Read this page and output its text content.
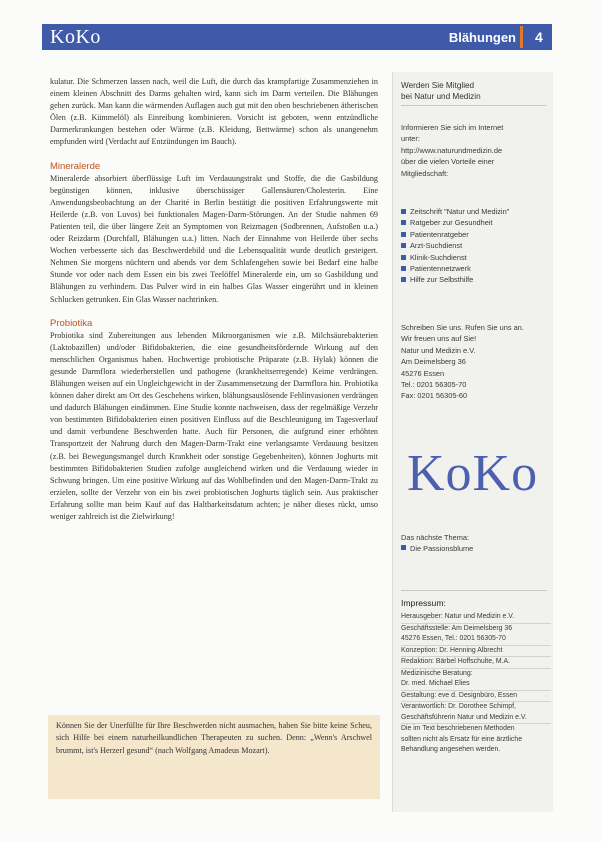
KoKo	Blähungen 4

kulatur. Die Schmerzen lassen nach, weil die Luft, die durch das krampfartige Zusammenziehen in einem kleinen Abschnitt des Darms gehalten wird, kann sich im Darm verteilen. Die Blähungen gehen zurück. Man kann die wärmenden Auflagen auch gut mit den oben beschriebenen ätherischen Ölen (z.B. Kümmelöl) als Einreibung kombinieren. Vorsicht ist geboten, wenn entzündliche Darmerkrankungen bestehen oder Wärme (z.B. Kleidung, Bettwärme) schon als unangenehm empfunden wird (Verdacht auf Entzündungen im Bauch).

Mineralerde

Mineralerde absorbiert überflüssige Luft im Verdauungstrakt und Stoffe, die die Gasbildung begünstigen können, inklusive überschüssiger Gallensäuren/Cholesterin. Eine Anwendungsbeobachtung an der Charité in Berlin bestätigt die positiven Erfahrungswerte mit Heilerde (z.B. von Luvos) bei funktionalen Magen-Darm-Störungen. An der Studie nahmen 69 Patienten teil, die über längere Zeit an Symptomen von Reizmagen (Sodbrennen, Aufstoßen u.a.) oder Reizdarm (Durchfall, Blähungen u.a.) litten. Nach der Einnahme von Heilerde über sechs Wochen verbesserte sich das Beschwerdebild und die Lebensqualität wurde deutlich gesteigert. Nehmen Sie morgens nüchtern und abends vor dem Schlafengehen sowie bei Bedarf eine halbe Stunde vor oder nach dem Essen ein bis zwei Teelöffel Mineralerde ein, um so Gasbildung und Blähungen zu verhindern. Das Pulver wird in ein halbes Glas Wasser eingerührt und in kleinen Schlucken getrunken. Ein Glas Wasser nachtrinken.

Probiotika

Probiotika sind Zubereitungen aus lebenden Mikroorganismen wie z.B. Milchsäurebakterien (Laktobazillen) und/oder Bifidobakterien, die eine gesundheitsfördernde Wirkung auf den menschlichen Organismus haben. Hochwertige probiotische Präparate (z.B. Hylak) können die gesunde Darmflora wiederherstellen und pathogene (krankheitserregende) Keime verdrängen. Blähungen weisen auf ein Ungleichgewicht in der Zusammensetzung der Darmflora hin. Probiotika können daher direkt am Ort des Geschehens wirken, blähungsauslösende Fehlinvasionen verdrängen und dadurch Blähungen eindämmen. Eine Studie konnte nachweisen, dass der regelmäßige Verzehr von bestimmten Bifidobakterien einen positiven Einfluss auf die Beschleunigung im Tagesverlauf und damit verbundene Beschwerden hatte. Auch für Personen, die aufgrund einer erhöhten Transportzeit der Nahrung durch den Magen-Darm-Trakt eine verlangsamte Verdauung besitzen (z.B. bei Bewegungsmangel durch Krankheit oder sonstige Gegebenheiten), können Joghurts mit bestimmten Bifidobakterien Studien zufolge ausgleichend wirken und die Verdauung wieder in Schwung bringen. Um eine positive Wirkung auf das Wohlbefinden und den Magen-Darm-Trakt zu erzielen, sollte der Verzehr von ein bis zwei probiotischen Joghurts täglich sein. Aus praktischer Erfahrung sollte man beim Kauf auf das Haltbarkeitsdatum achten; je näher dieses rückt, umso weniger zahlreich ist die Zielwirkung!

Können Sie der Unerfüllte für Ihre Beschwerden nicht ausmachen, haben Sie bitte keine Scheu, sich Hilfe bei einem naturheilkundlichen Therapeuten zu suchen. Denn: „Wenn's Arschwel brummt, ist's Herzerl gesund“ (nach Wolfgang Amadeus Mozart).

Werden Sie Mitglied
bei Natur und Medizin
Informieren Sie sich im Internet
unter:
http://www.naturundmedizin.de
über die vielen Vorteile einer
Mitgliedschaft:
Zeitschrift "Natur und Medizin"
Ratgeber zur Gesundheit
Patientenratgeber
Arzt-Suchdienst
Klinik-Suchdienst
Patientennetzwerk
Hilfe zur Selbsthilfe
Schreiben Sie uns. Rufen Sie uns an.
Wir freuen uns auf Sie!
Natur und Medizin e.V.
Am Deimelsberg 36
45276 Essen
Tel.: 0201 56305-70
Fax: 0201 56305-60
KoKo
Das nächste Thema:
Die Passionsblume
Impressum:

Herausgeber: Natur und Medizin e.V.

Geschäftsstelle: Am Deimelsberg 36

45276 Essen, Tel.: 0201 56305-70

Konzeption: Dr. Henning Albrecht

Redaktion: Bärbel Hoffschulte, M.A.

Medizinische Beratung:

Dr. med. Michael Elies

Gestaltung: eve d. Designbüro, Essen

Verantwortlich: Dr. Dorothee Schimpf,

Geschäftsführerin Natur und Medizin e.V.

Die im Text beschriebenen Methoden

sollten nicht als Ersatz für eine ärztliche

Behandlung angesehen werden.
